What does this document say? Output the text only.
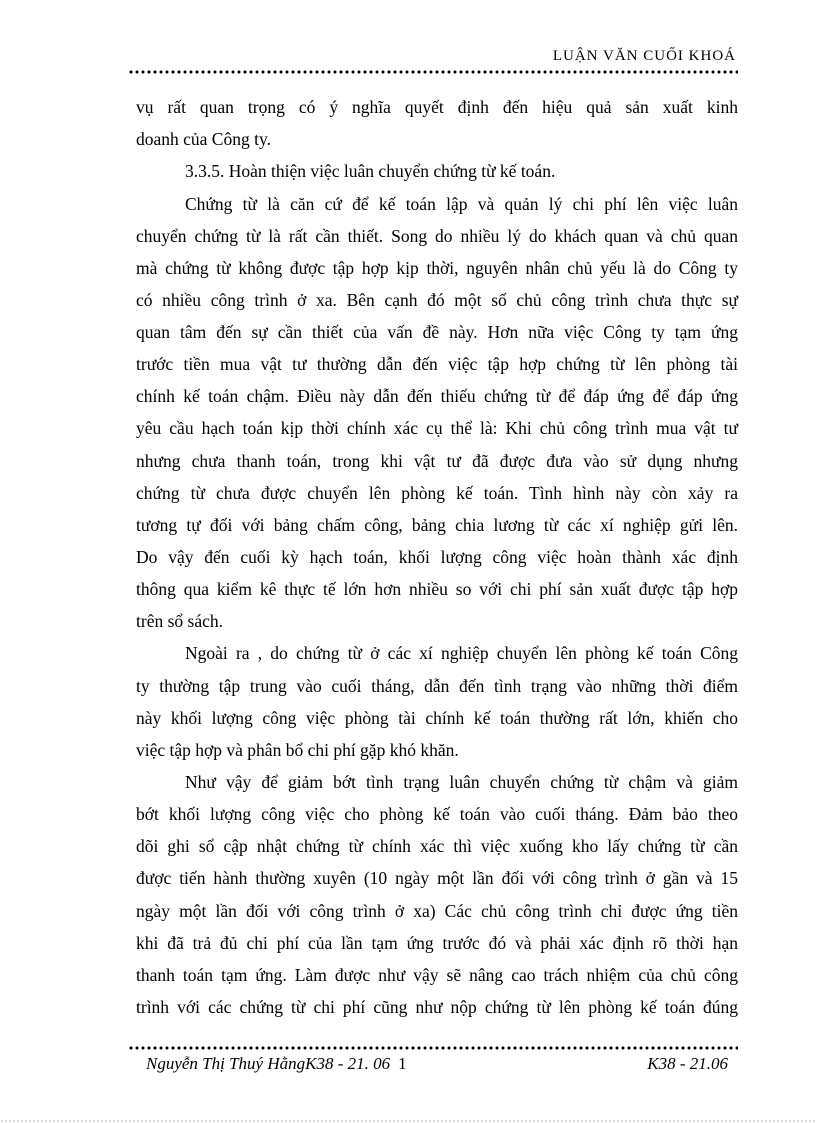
LUẬN VĂN CUỐI KHOÁ
vụ rất quan trọng có ý nghĩa quyết định đến hiệu quả sản xuất kinh
doanh của Công ty.
3.3.5. Hoàn thiện việc luân chuyển chứng từ kế toán.
Chứng từ là căn cứ để kế toán lập và quản lý chi phí lên việc luân
chuyển chứng từ là rất cần thiết. Song do nhiều lý do khách quan và chủ quan
mà chứng từ không được tập hợp kịp thời, nguyên nhân chủ yếu là do Công ty
có nhiều công trình ở xa. Bên cạnh đó một số chủ công trình chưa thực sự
quan tâm đến sự cần thiết của vấn đề này. Hơn nữa việc Công ty tạm ứng
trước tiền mua vật tư thường dẫn đến việc tập hợp chứng từ lên phòng tài
chính kế toán chậm. Điều này dẫn đến thiếu chứng từ để đáp ứng để đáp ứng
yêu cầu hạch toán kịp thời chính xác cụ thể là: Khi chủ công trình mua vật tư
nhưng chưa thanh toán, trong khi vật tư đã được đưa vào sử dụng nhưng
chứng từ chưa được chuyển lên phòng kế toán. Tình hình này còn xảy ra
tương tự đối với bảng chấm công, bảng chia lương từ các xí nghiệp gửi lên.
Do vậy đến cuối kỳ hạch toán, khối lượng công việc hoàn thành xác định
thông qua kiểm kê thực tế lớn hơn nhiều so với chi phí sản xuất được tập hợp
trên sổ sách.
Ngoài ra , do chứng từ ở các xí nghiệp chuyển lên phòng kế toán Công
ty thường tập trung vào cuối tháng, dẫn đến tình trạng vào những thời điểm
này khối lượng công việc phòng tài chính kế toán thường rất lớn, khiến cho
việc tập hợp và phân bổ chi phí gặp khó khăn.
Như vậy để giảm bớt tình trạng luân chuyển chứng từ chậm và giảm
bớt khối lượng công việc cho phòng kế toán vào cuối tháng. Đảm bảo theo
dõi ghi sổ cập nhật chứng từ chính xác thì việc xuống kho lấy chứng từ cần
được tiến hành thường xuyên (10 ngày một lần đối với công trình ở gần và 15
ngày một lần đối với công trình ở xa) Các chủ công trình chỉ được ứng tiền
khi đã trả đủ chi phí của lần tạm ứng trước đó và phải xác định rõ thời hạn
thanh toán tạm ứng. Làm được như vậy sẽ nâng cao trách nhiệm của chủ công
trình với các chứng từ chi phí cũng như nộp chứng từ lên phòng kế toán đúng
Nguyễn Thị Thuý HằngK38 - 21. 06 1	K38 - 21.06
